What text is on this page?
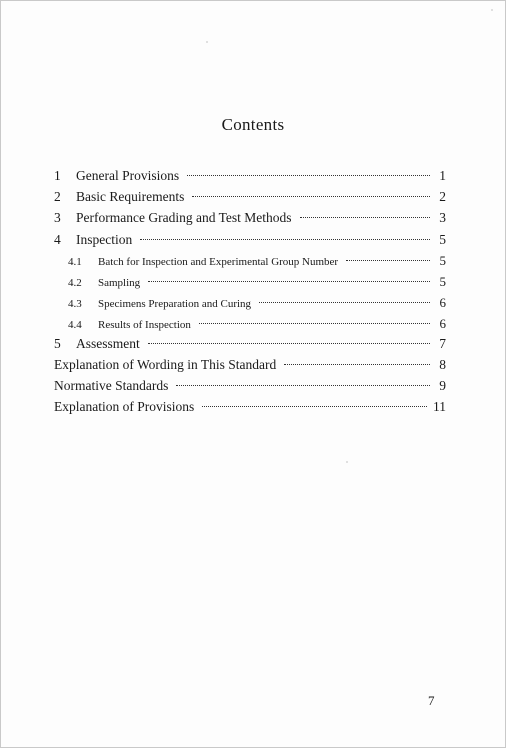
Contents
1	General Provisions	1
2	Basic Requirements	2
3	Performance Grading and Test Methods	3
4	Inspection	5
4.1	Batch for Inspection and Experimental Group Number	5
4.2	Sampling	5
4.3	Specimens Preparation and Curing	6
4.4	Results of Inspection	6
5	Assessment	7
Explanation of Wording in This Standard	8
Normative Standards	9
Explanation of Provisions	11
7
